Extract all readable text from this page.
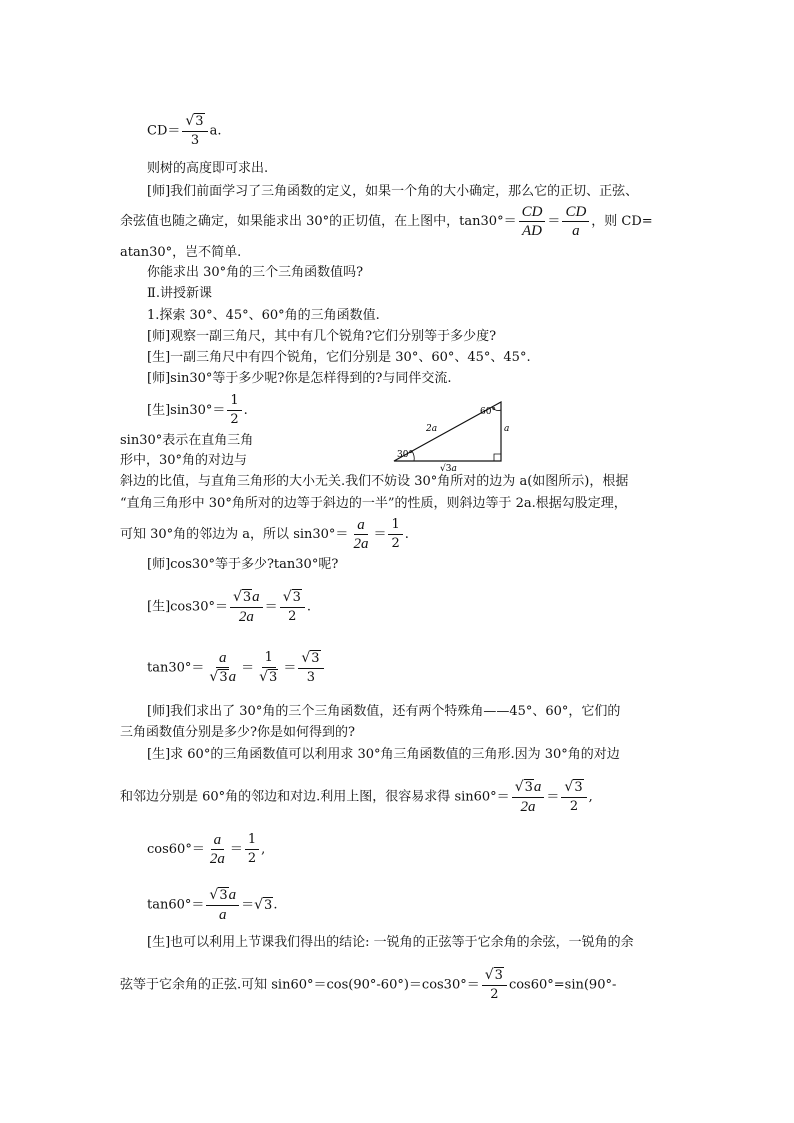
$CD= \frac{√3}{3} a$.
则树的高度即可求出.
[师]我们前面学习了三角函数的定义，如果一个角的大小确定，那么它的正切、正弦、
余弦值也随之确定，如果能求出 30°的正切值，在上图中，$\tan 30^\circ= \frac{CD}{AD} = \frac{CD}{a}$ ，则 CD=
atan30°，岂不简单.
你能求出 30°角的三个三角函数值吗?
Ⅱ.讲授新课
1.探索 30°、45°、60°角的三角函数值.
[师]观察一副三角尺，其中有几个锐角?它们分别等于多少度?
[生]一副三角尺中有四个锐角，它们分别是 30°、60°、45°、45°.
[师]sin30°等于多少呢?你是怎样得到的?与同伴交流.
[生]$\sin 30^\circ= \frac{1}{2}$ .	60°
30°
2a	a
√3a
sin30°表示在直角三角
形中，30°角的对边与
斜边的比值，与直角三角形的大小无关.我们不妨设 30°角所对的边为 a(如图所示)，根据
“直角三角形中 30°角所对的边等于斜边的一半”的性质，则斜边等于 2a.根据勾股定理，
可知 30°角的邻边为 a，所以 $\sin 30^\circ= \frac{a}{2a} = \frac{1}{2}$ .
[师]cos30°等于多少?tan30°呢?
[生]$\cos 30^\circ= \frac{√3a}{2a} = \frac{√3}{2}$ .
$\tan 30^\circ= \frac{a}{√3a} = \frac{1}{√3} = \frac{√3}{3}$
[师]我们求出了 30°角的三个三角函数值，还有两个特殊角——45°、60°，它们的
三角函数值分别是多少?你是如何得到的?
[生]求 60°的三角函数值可以利用求 30°角三角函数值的三角形.因为 30°角的对边
和邻边分别是 60°角的邻边和对边.利用上图，很容易求得 $\sin 60^\circ= \frac{√3a}{2a} = \frac{√3}{2}$ ,
$\cos 60^\circ= \frac{a}{2a} = \frac{1}{2}$ ,
$\tan 60^\circ= \frac{√3a}{a} =√3$.
[生]也可以利用上节课我们得出的结论: 一锐角的正弦等于它余角的余弦，一锐角的余
弦等于它余角的正弦.可知 $\sin 60^\circ=\cos(90^\circ-60^\circ)=\cos 30^\circ= \frac{√3}{2} \cos 60^\circ=\sin(90^\circ-$
